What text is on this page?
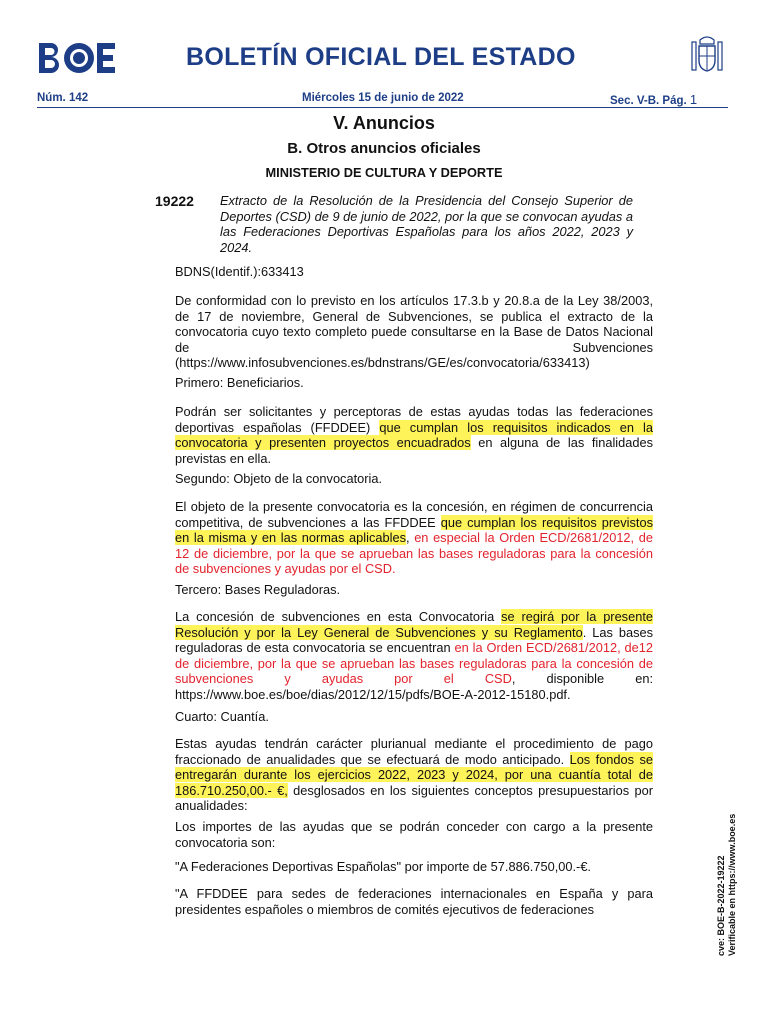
BOE
BOLETÍN OFICIAL DEL ESTADO
Núm. 142	Miércoles 15 de junio de 2022	Sec. V-B. Pág. 1
V. Anuncios
B. Otros anuncios oficiales
MINISTERIO DE CULTURA Y DEPORTE
19222 Extracto de la Resolución de la Presidencia del Consejo Superior de Deportes (CSD) de 9 de junio de 2022, por la que se convocan ayudas a las Federaciones Deportivas Españolas para los años 2022, 2023 y 2024.
BDNS(Identif.):633413
De conformidad con lo previsto en los artículos 17.3.b y 20.8.a de la Ley 38/2003, de 17 de noviembre, General de Subvenciones, se publica el extracto de la convocatoria cuyo texto completo puede consultarse en la Base de Datos Nacional de Subvenciones (https://www.infosubvenciones.es/bdnstrans/GE/es/convocatoria/633413)
Primero: Beneficiarios.
Podrán ser solicitantes y perceptoras de estas ayudas todas las federaciones deportivas españolas (FFDDEE) que cumplan los requisitos indicados en la convocatoria y presenten proyectos encuadrados en alguna de las finalidades previstas en ella.
Segundo: Objeto de la convocatoria.
El objeto de la presente convocatoria es la concesión, en régimen de concurrencia competitiva, de subvenciones a las FFDDEE que cumplan los requisitos previstos en la misma y en las normas aplicables, en especial la Orden ECD/2681/2012, de 12 de diciembre, por la que se aprueban las bases reguladoras para la concesión de subvenciones y ayudas por el CSD.
Tercero: Bases Reguladoras.
La concesión de subvenciones en esta Convocatoria se regirá por la presente Resolución y por la Ley General de Subvenciones y su Reglamento. Las bases reguladoras de esta convocatoria se encuentran en la Orden ECD/2681/2012, de12 de diciembre, por la que se aprueban las bases reguladoras para la concesión de subvenciones y ayudas por el CSD, disponible en: https://www.boe.es/boe/dias/2012/12/15/pdfs/BOE-A-2012-15180.pdf.
Cuarto: Cuantía.
Estas ayudas tendrán carácter plurianual mediante el procedimiento de pago fraccionado de anualidades que se efectuará de modo anticipado. Los fondos se entregarán durante los ejercicios 2022, 2023 y 2024, por una cuantía total de 186.710.250,00.- €, desglosados en los siguientes conceptos presupuestarios por anualidades:
Los importes de las ayudas que se podrán conceder con cargo a la presente convocatoria son:
"A Federaciones Deportivas Españolas" por importe de 57.886.750,00.-€.
"A FFDDEE para sedes de federaciones internacionales en España y para presidentes españoles o miembros de comités ejecutivos de federaciones	cve: BOE-B-2022-19222 Verificable en https://www.boe.es
